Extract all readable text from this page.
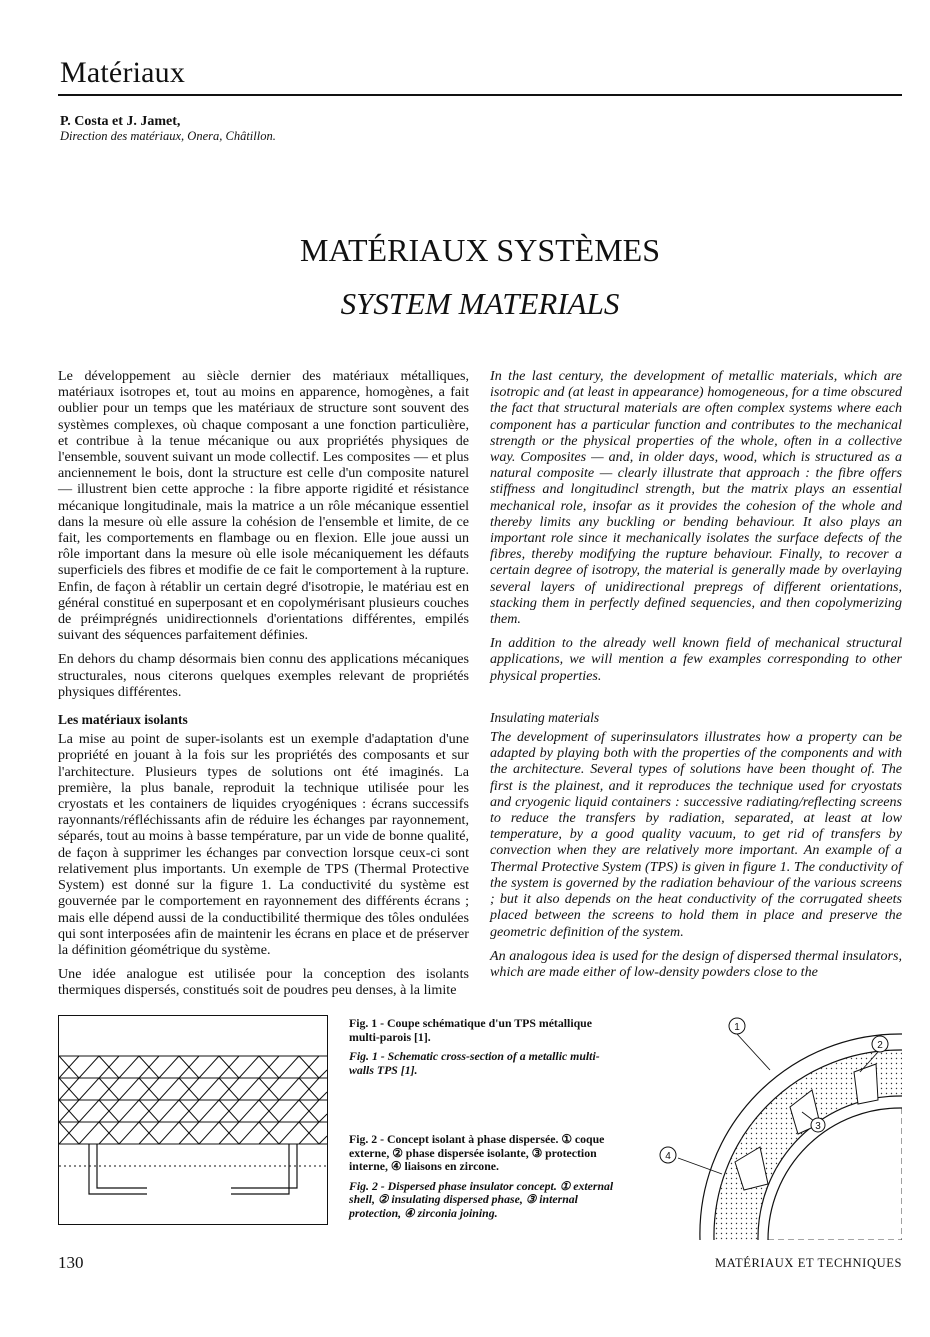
Matériaux
P. Costa et J. Jamet,
Direction des matériaux, Onera, Châtillon.
MATÉRIAUX SYSTÈMES
SYSTEM MATERIALS

Le développement au siècle dernier des matériaux métalliques, matériaux isotropes et, tout au moins en apparence, homogènes, a fait oublier pour un temps que les matériaux de structure sont souvent des systèmes complexes, où chaque composant a une fonction particulière, et contribue à la tenue mécanique ou aux propriétés physiques de l'ensemble, souvent suivant un mode collectif. Les composites — et plus anciennement le bois, dont la structure est celle d'un composite naturel — illustrent bien cette approche : la fibre apporte rigidité et résistance mécanique longitudinale, mais la matrice a un rôle mécanique essentiel dans la mesure où elle assure la cohésion de l'ensemble et limite, de ce fait, les comportements en flambage ou en flexion. Elle joue aussi un rôle important dans la mesure où elle isole mécaniquement les défauts superficiels des fibres et modifie de ce fait le comportement à la rupture. Enfin, de façon à rétablir un certain degré d'isotropie, le matériau est en général constitué en superposant et en copolymérisant plusieurs couches de préimprégnés unidirectionnels d'orientations différentes, empilés suivant des séquences parfaitement définies.

En dehors du champ désormais bien connu des applications mécaniques structurales, nous citerons quelques exemples relevant de propriétés physiques différentes.

Les matériaux isolants

La mise au point de super-isolants est un exemple d'adaptation d'une propriété en jouant à la fois sur les propriétés des composants et sur l'architecture. Plusieurs types de solutions ont été imaginés. La première, la plus banale, reproduit la technique utilisée pour les cryostats et les containers de liquides cryogéniques : écrans successifs rayonnants/réfléchissants afin de réduire les échanges par rayonnement, séparés, tout au moins à basse température, par un vide de bonne qualité, de façon à supprimer les échanges par convection lorsque ceux-ci sont relativement plus importants. Un exemple de TPS (Thermal Protective System) est donné sur la figure 1. La conductivité du système est gouvernée par le comportement en rayonnement des différents écrans ; mais elle dépend aussi de la conductibilité thermique des tôles ondulées qui sont interposées afin de maintenir les écrans en place et de préserver la définition géométrique du système.

Une idée analogue est utilisée pour la conception des isolants thermiques dispersés, constitués soit de poudres peu denses, à la limite

In the last century, the development of metallic materials, which are isotropic and (at least in appearance) homogeneous, for a time obscured the fact that structural materials are often complex systems where each component has a particular function and contributes to the mechanical strength or the physical properties of the whole, often in a collective way. Composites — and, in older days, wood, which is structured as a natural composite — clearly illustrate that approach : the fibre offers stiffness and longitudincl strength, but the matrix plays an essential mechanical role, insofar as it provides the cohesion of the whole and thereby limits any buckling or bending behaviour. It also plays an important role since it mechanically isolates the surface defects of the fibres, thereby modifying the rupture behaviour. Finally, to recover a certain degree of isotropy, the material is generally made by overlaying several layers of unidirectional prepregs of different orientations, stacking them in perfectly defined sequencies, and then copolymerizing them.

In addition to the already well known field of mechanical structural applications, we will mention a few examples corresponding to other physical properties.

Insulating materials

The development of superinsulators illustrates how a property can be adapted by playing both with the properties of the components and with the architecture. Several types of solutions have been thought of. The first is the plainest, and it reproduces the technique used for cryostats and cryogenic liquid containers : successive radiating/reflecting screens to reduce the transfers by radiation, separated, at least at low temperature, by a good quality vacuum, to get rid of transfers by convection when they are relatively more important. An example of a Thermal Protective System (TPS) is given in figure 1. The conductivity of the system is governed by the radiation behaviour of the various screens ; but it also depends on the heat conductivity of the corrugated sheets placed between the screens to hold them in place and preserve the geometric definition of the system.

An analogous idea is used for the design of dispersed thermal insulators, which are made either of low-density powders close to the

Fig. 1 - Coupe schématique d'un TPS métallique multi-parois [1].
Fig. 1 - Schematic cross-section of a metallic multi-walls TPS [1].
Fig. 2 - Concept isolant à phase dispersée. ① coque externe, ② phase dispersée isolante, ③ protection interne, ④ liaisons en zircone.
Fig. 2 - Dispersed phase insulator concept. ① external shell, ② insulating dispersed phase, ③ internal protection, ④ zirconia joining.
1
2
3
4
130	MATÉRIAUX ET TECHNIQUES
